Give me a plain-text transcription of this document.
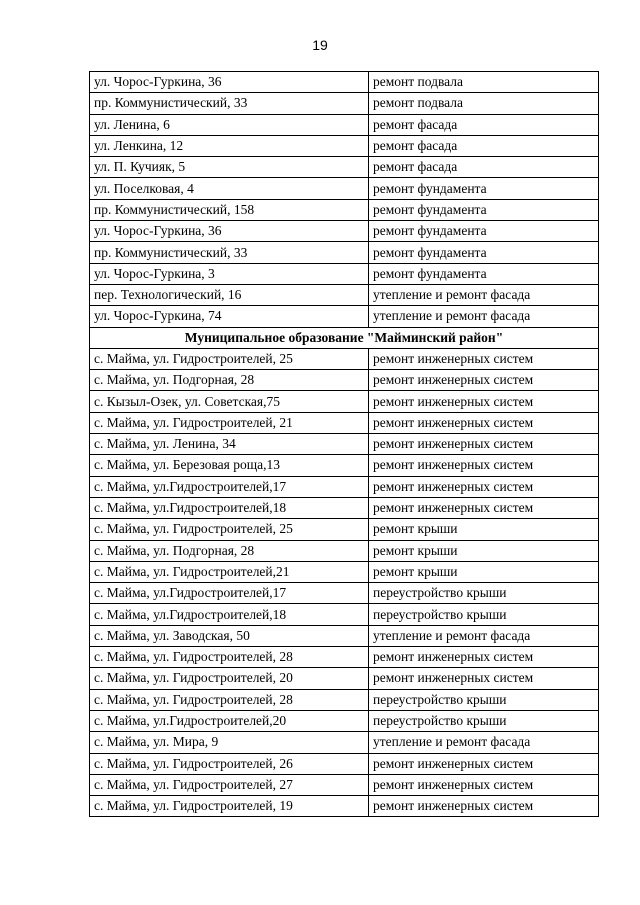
19
ул. Чорос-Гуркина, 36	ремонт подвала
пр. Коммунистический, 33	ремонт подвала
ул. Ленина, 6	ремонт фасада
ул. Ленкина, 12	ремонт фасада
ул. П. Кучияк, 5	ремонт фасада
ул. Поселковая, 4	ремонт фундамента
пр. Коммунистический, 158	ремонт фундамента
ул. Чорос-Гуркина, 36	ремонт фундамента
пр. Коммунистический, 33	ремонт фундамента
ул. Чорос-Гуркина, 3	ремонт фундамента
пер. Технологический, 16	утепление и ремонт фасада
ул. Чорос-Гуркина, 74	утепление и ремонт фасада
Муниципальное образование "Майминский район"	
с. Майма, ул. Гидростроителей, 25	ремонт инженерных систем
с. Майма, ул. Подгорная, 28	ремонт инженерных систем
с. Кызыл-Озек, ул. Советская,75	ремонт инженерных систем
с. Майма, ул. Гидростроителей, 21	ремонт инженерных систем
с. Майма, ул. Ленина, 34	ремонт инженерных систем
с. Майма, ул. Березовая роща,13	ремонт инженерных систем
с. Майма, ул.Гидростроителей,17	ремонт инженерных систем
с. Майма, ул.Гидростроителей,18	ремонт инженерных систем
с. Майма, ул. Гидростроителей, 25	ремонт крыши
с. Майма, ул. Подгорная, 28	ремонт крыши
с. Майма, ул. Гидростроителей,21	ремонт крыши
с. Майма, ул.Гидростроителей,17	переустройство крыши
с. Майма, ул.Гидростроителей,18	переустройство крыши
с. Майма, ул. Заводская, 50	утепление и ремонт фасада
с. Майма, ул. Гидростроителей, 28	ремонт инженерных систем
с. Майма, ул. Гидростроителей, 20	ремонт инженерных систем
с. Майма, ул. Гидростроителей, 28	переустройство крыши
с. Майма, ул.Гидростроителей,20	переустройство крыши
с. Майма, ул. Мира, 9	утепление и ремонт фасада
с. Майма, ул. Гидростроителей, 26	ремонт инженерных систем
с. Майма, ул. Гидростроителей, 27	ремонт инженерных систем
с. Майма, ул. Гидростроителей, 19	ремонт инженерных систем
